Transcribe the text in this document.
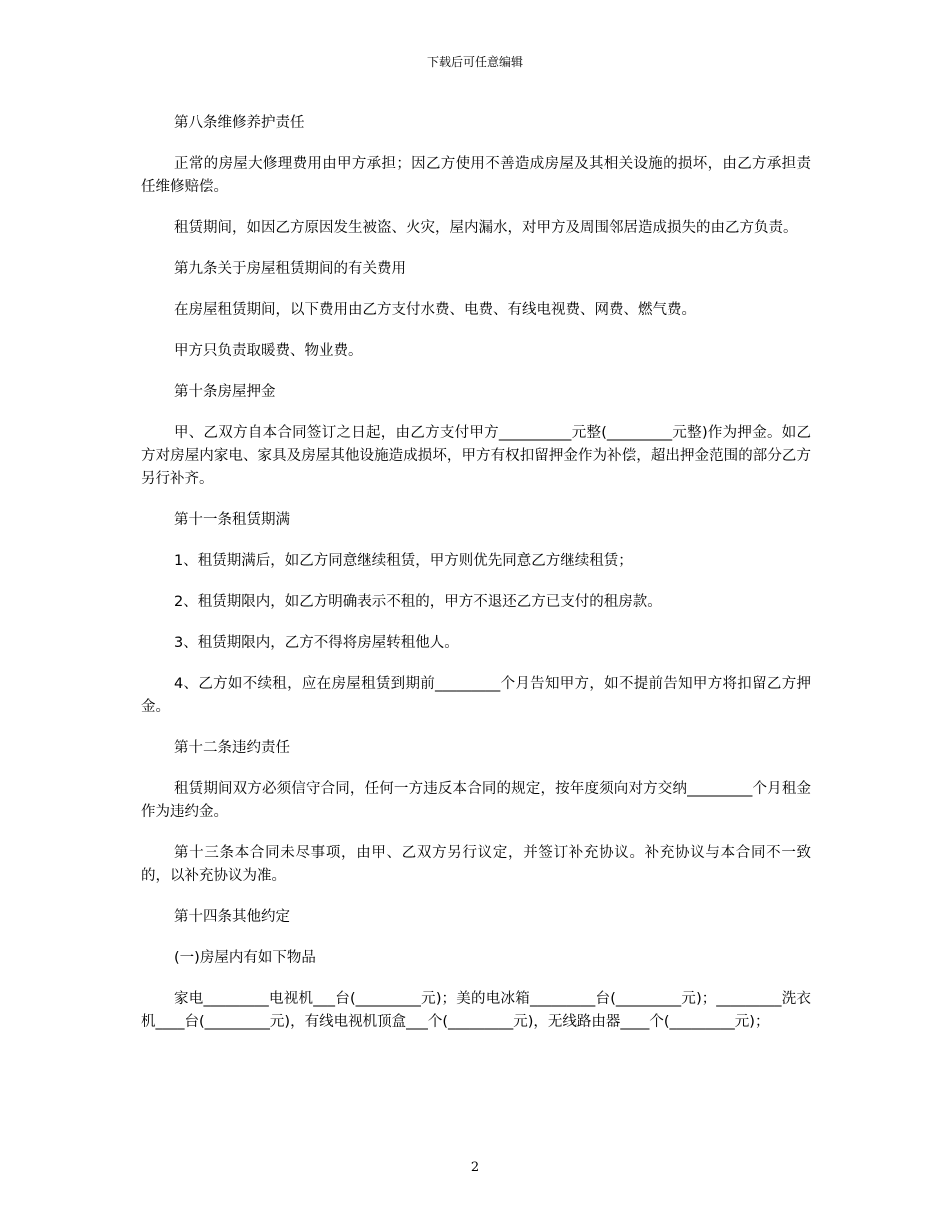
下载后可任意编辑

第八条维修养护责任

正常的房屋大修理费用由甲方承担；因乙方使用不善造成房屋及其相关设施的损坏，由乙方承担责任维修赔偿。

租赁期间，如因乙方原因发生被盗、火灾，屋内漏水，对甲方及周围邻居造成损失的由乙方负责。

第九条关于房屋租赁期间的有关费用

在房屋租赁期间，以下费用由乙方支付水费、电费、有线电视费、网费、燃气费。

甲方只负责取暖费、物业费。

第十条房屋押金

甲、乙双方自本合同签订之日起，由乙方支付甲方__________元整(_________元整)作为押金。如乙方对房屋内家电、家具及房屋其他设施造成损坏，甲方有权扣留押金作为补偿，超出押金范围的部分乙方另行补齐。

第十一条租赁期满

1、租赁期满后，如乙方同意继续租赁，甲方则优先同意乙方继续租赁；

2、租赁期限内，如乙方明确表示不租的，甲方不退还乙方已支付的租房款。

3、租赁期限内，乙方不得将房屋转租他人。

4、乙方如不续租，应在房屋租赁到期前_________个月告知甲方，如不提前告知甲方将扣留乙方押金。

第十二条违约责任

租赁期间双方必须信守合同，任何一方违反本合同的规定，按年度须向对方交纳_________个月租金作为违约金。

第十三条本合同未尽事项，由甲、乙双方另行议定，并签订补充协议。补充协议与本合同不一致的，以补充协议为准。

第十四条其他约定

(一)房屋内有如下物品

家电_________电视机___台(_________元)；美的电冰箱_________台(_________元)；_________洗衣机____台(_________元)，有线电视机顶盒___个(_________元)，无线路由器____个(_________元)；

2
